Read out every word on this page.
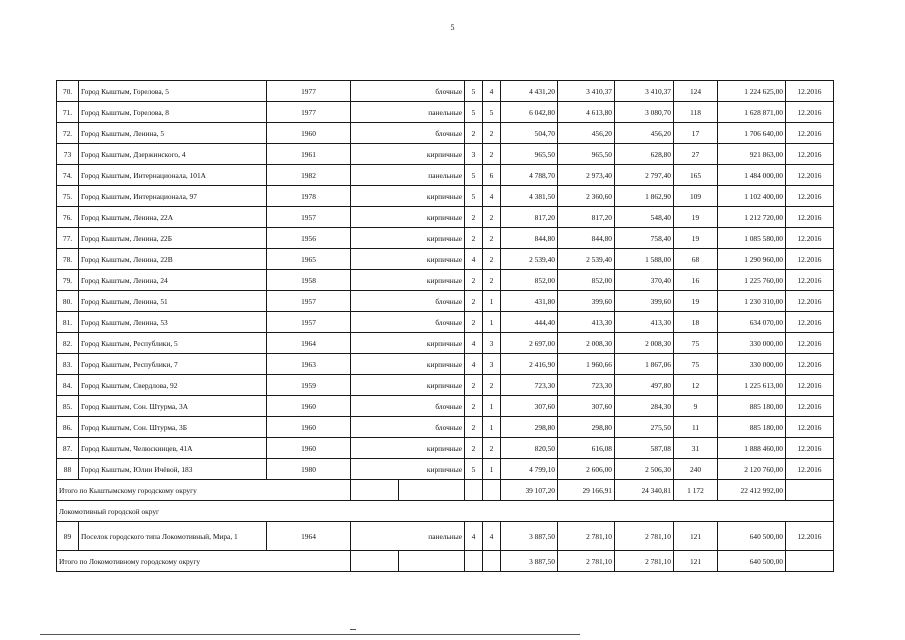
5
70.	Город Кыштым, Горелова, 5	1977	блочные		5	4	4 431,20	3 410,37	3 410,37	124	1 224 625,00	12.2016
71.	Город Кыштым, Горелова, 8	1977	панельные		5	5	6 042,80	4 613,80	3 080,70	118	1 628 871,00	12.2016
72.	Город Кыштым, Ленина, 5	1960	блочные		2	2	504,70	456,20	456,20	17	1 706 640,00	12.2016
73	Город Кыштым, Дзержинского, 4	1961	кирпичные		3	2	965,50	965,50	628,80	27	921 863,00	12.2016
74.	Город Кыштым, Интернационала, 101А	1982	панельные		5	6	4 788,70	2 973,40	2 797,40	165	1 484 000,00	12.2016
75.	Город Кыштым, Интернационала, 97	1978	кирпичные		5	4	4 381,50	2 360,60	1 862,90	109	1 102 400,00	12.2016
76.	Город Кыштым, Ленина, 22А	1957	кирпичные		2	2	817,20	817,20	548,40	19	1 212 720,00	12.2016
77.	Город Кыштым, Ленина, 22Б	1956	кирпичные		2	2	844,80	844,80	758,40	19	1 085 580,00	12.2016
78.	Город Кыштым, Ленина, 22В	1965	кирпичные		4	2	2 539,40	2 539,40	1 588,00	68	1 290 960,00	12.2016
79.	Город Кыштым, Ленина, 24	1958	кирпичные		2	2	852,00	852,00	370,40	16	1 225 760,00	12.2016
80.	Город Кыштым, Ленина, 51	1957	блочные		2	1	431,80	399,60	399,60	19	1 230 310,00	12.2016
81.	Город Кыштым, Ленина, 53	1957	блочные		2	1	444,40	413,30	413,30	18	634 070,00	12.2016
82.	Город Кыштым, Республики, 5	1964	кирпичные		4	3	2 697,00	2 008,30	2 008,30	75	330 000,00	12.2016
83.	Город Кыштым, Республики, 7	1963	кирпичные		4	3	2 416,90	1 960,66	1 867,06	75	330 000,00	12.2016
84.	Город Кыштым, Свердлова, 92	1959	кирпичные		2	2	723,30	723,30	497,80	12	1 225 613,00	12.2016
85.	Город Кыштым, Сон. Штурма, 3А	1960	блочные		2	1	307,60	307,60	284,30	9	885 180,00	12.2016
86.	Город Кыштым, Сон. Штурма, 3Б	1960	блочные		2	1	298,80	298,80	275,50	11	885 180,00	12.2016
87.	Город Кыштым, Челюскинцев, 41А	1960	кирпичные		2	2	820,50	616,08	587,08	31	1 888 460,00	12.2016
88	Город Кыштым, Юлии Ичёвой, 183	1980	кирпичные		5	1	4 799,10	2 606,00	2 506,30	240	2 120 760,00	12.2016
Итого по Кыштымскому городскому округу							39 107,20	29 166,91	24 340,81	1 172	22 412 992,00	
Локомотивный городской округ												
89	Поселок городского типа Локомотивный, Мира, 1	1964	панельные		4	4	3 887,50	2 781,10	2 781,10	121	640 500,00	12.2016
Итого по Локомотивному городскому округу							3 887,50	2 781,10	2 781,10	121	640 500,00	
